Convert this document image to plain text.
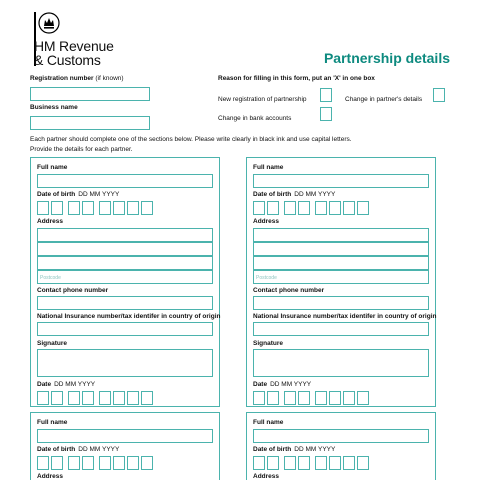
HM Revenue
& Customs	Partnership details
Registration number (if known)
Business name
Reason for filling in this form, put an 'X' in one box
New registration of partnership	Change in partner's details
Change in bank accounts
Each partner should complete one of the sections below. Please write clearly in black ink and use capital letters.
Provide the details for each partner.
Full name
Date of birth DD MM YYYY
Address
Postcode
Contact phone number
National Insurance number/tax identifer in country of origin
Signature
Date DD MM YYYY
Full name
Date of birth DD MM YYYY
Address
Postcode
Contact phone number
National Insurance number/tax identifer in country of origin
Signature
Date DD MM YYYY
Full name
Date of birth DD MM YYYY
Address
Full name
Date of birth DD MM YYYY
Address
